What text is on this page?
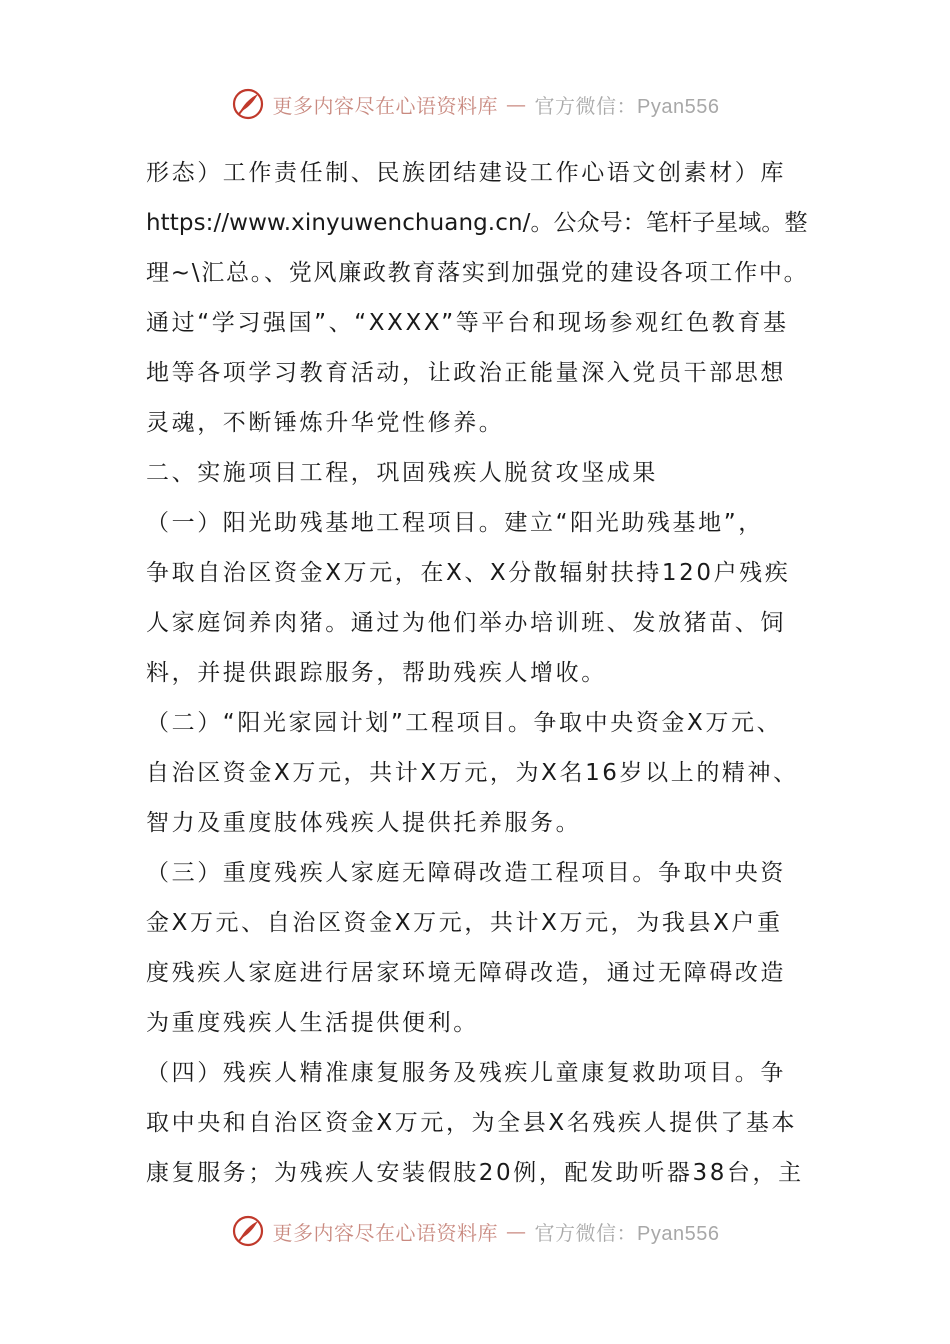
更多内容尽在心语资料库 — 官方微信：Pyan556
形态）工作责任制、民族团结建设工作心语文创素材）库
https://www.xinyuwenchuang.cn/。公众号：笔杆子星域。整
理~\汇总。、党风廉政教育落实到加强党的建设各项工作中。
通过“学习强国”、“XXXX”等平台和现场参观红色教育基
地等各项学习教育活动，让政治正能量深入党员干部思想
灵魂，不断锤炼升华党性修养。
二、实施项目工程，巩固残疾人脱贫攻坚成果
（一）阳光助残基地工程项目。建立“阳光助残基地”，
争取自治区资金X万元，在X、X分散辐射扶持120户残疾
人家庭饲养肉猪。通过为他们举办培训班、发放猪苗、饲
料，并提供跟踪服务，帮助残疾人增收。
（二）“阳光家园计划”工程项目。争取中央资金X万元、
自治区资金X万元，共计X万元，为X名16岁以上的精神、
智力及重度肢体残疾人提供托养服务。
（三）重度残疾人家庭无障碍改造工程项目。争取中央资
金X万元、自治区资金X万元，共计X万元，为我县X户重
度残疾人家庭进行居家环境无障碍改造，通过无障碍改造
为重度残疾人生活提供便利。
（四）残疾人精准康复服务及残疾儿童康复救助项目。争
取中央和自治区资金X万元，为全县X名残疾人提供了基本
康复服务；为残疾人安装假肢20例，配发助听器38台，主
更多内容尽在心语资料库 — 官方微信：Pyan556
